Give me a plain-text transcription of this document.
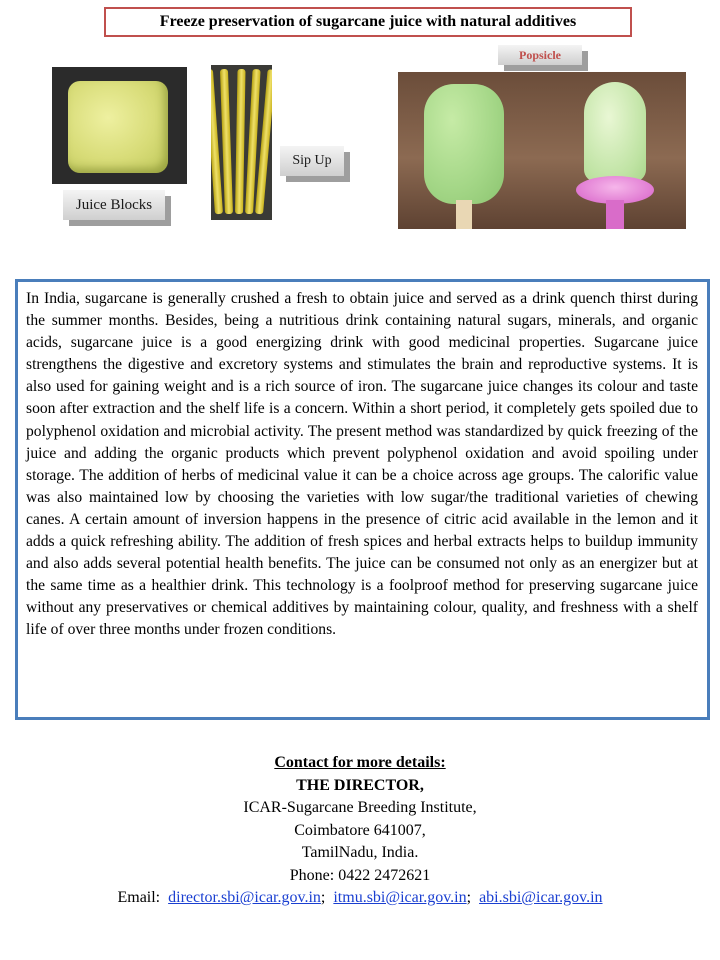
Freeze preservation of sugarcane juice with natural additives
Juice Blocks
Sip Up
Popsicle

In India, sugarcane is generally crushed a fresh to obtain juice and served as a drink quench thirst during the summer months. Besides, being a nutritious drink containing natural sugars, minerals, and organic acids, sugarcane juice is a good energizing drink with good medicinal properties. Sugarcane juice strengthens the digestive and excretory systems and stimulates the brain and reproductive systems. It is also used for gaining weight and is a rich source of iron. The sugarcane juice changes its colour and taste soon after extraction and the shelf life is a concern. Within a short period, it completely gets spoiled due to polyphenol oxidation and microbial activity. The present method was standardized by quick freezing of the juice and adding the organic products which prevent polyphenol oxidation and avoid spoiling under storage. The addition of herbs of medicinal value it can be a choice across age groups. The calorific value was also maintained low by choosing the varieties with low sugar/the traditional varieties of chewing canes. A certain amount of inversion happens in the presence of citric acid available in the lemon and it adds a quick refreshing ability. The addition of fresh spices and herbal extracts helps to buildup immunity and also adds several potential health benefits. The juice can be consumed not only as an energizer but at the same time as a healthier drink. This technology is a foolproof method for preserving sugarcane juice without any preservatives or chemical additives by maintaining colour, quality, and freshness with a shelf life of over three months under frozen conditions.

Contact for more details:
THE DIRECTOR,
ICAR-Sugarcane Breeding Institute,
Coimbatore 641007,
TamilNadu, India.
Phone: 0422 2472621
Email: director.sbi@icar.gov.in; itmu.sbi@icar.gov.in; abi.sbi@icar.gov.in
